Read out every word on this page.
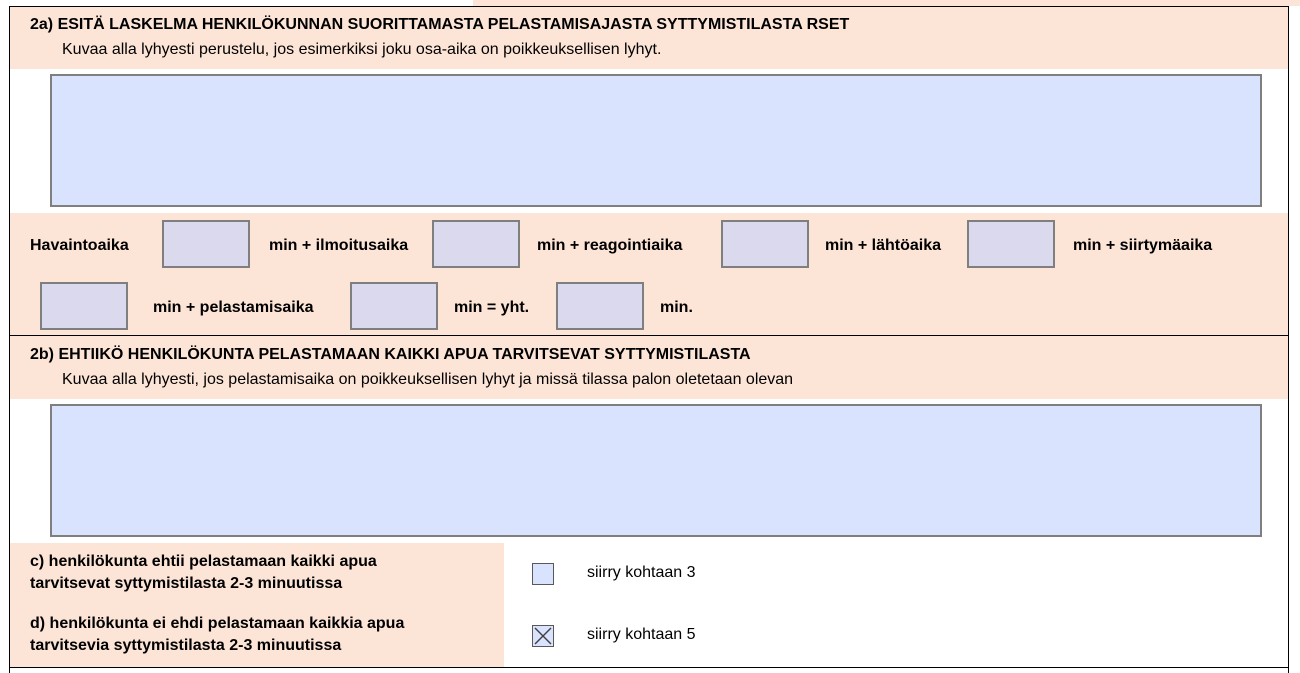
2a) ESITÄ LASKELMA HENKILÖKUNNAN SUORITTAMASTA PELASTAMISAJASTA SYTTYMISTILASTA RSET
Kuvaa alla lyhyesti perustelu, jos esimerkiksi joku osa-aika on poikkeuksellisen lyhyt.
Havaintoaika	min + ilmoitusaika	min + reagointiaika	min + lähtöaika	min + siirtymäaika
min + pelastamisaika	min = yht.	min.
2b) EHTIIKÖ HENKILÖKUNTA PELASTAMAAN KAIKKI APUA TARVITSEVAT SYTTYMISTILASTA
Kuvaa alla lyhyesti, jos pelastamisaika on poikkeuksellisen lyhyt ja missä tilassa palon oletetaan olevan
c) henkilökunta ehtii pelastamaan kaikki apua
tarvitsevat syttymistilasta 2-3 minuutissa
siirry kohtaan 3
d) henkilökunta ei ehdi pelastamaan kaikkia apua
tarvitsevia syttymistilasta 2-3 minuutissa
siirry kohtaan 5
